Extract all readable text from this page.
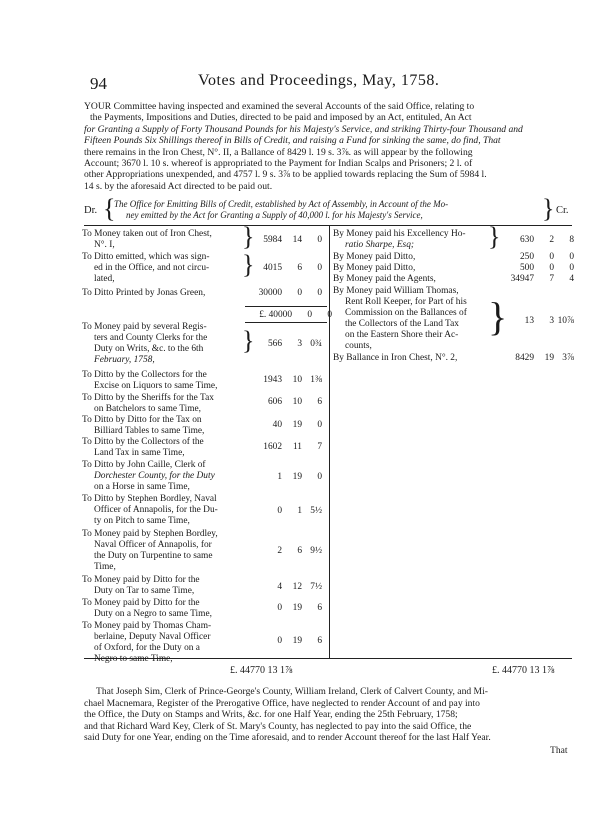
94	Votes and Proceedings, May, 1758.
YOUR Committee having inspected and examined the several Accounts of the said Office, relating to
the Payments, Impositions and Duties, directed to be paid and imposed by an Act, entituled, An Act
for Granting a Supply of Forty Thousand Pounds for his Majesty's Service, and striking Thirty-four Thousand and
Fifteen Pounds Six Shillings thereof in Bills of Credit, and raising a Fund for sinking the same, do find, That
there remains in the Iron Chest, N°. II, a Ballance of 8429 l. 19 s. 3⅞. as will appear by the following
Account; 3670 l. 10 s. whereof is appropriated to the Payment for Indian Scalps and Prisoners; 2 l. of
other Appropriations unexpended, and 4757 l. 9 s. 3⅞ to be applied towards replacing the Sum of 5984 l.
14 s. by the aforesaid Act directed to be paid out.
Dr. {
The Office for Emitting Bills of Credit, established by Act of Assembly, in Account of the Mo-
ney emitted by the Act for Granting a Supply of 40,000 l. for his Majesty's Service,	} Cr.
To Money taken out of Iron Chest,
N°. I,	} 5984 14 0
To Ditto emitted, which was sign-
ed in the Office, and not circu-
lated,	} 4015 6 0
To Ditto Printed by Jonas Green,	30000 0 0
£. 40000 0 0
To Money paid by several Regis-
ters and County Clerks for the
Duty on Writs, &c. to the 6th
February, 1758,
}	566 3 0¾
To Ditto by the Collectors for the
Excise on Liquors to same Time,
1943 10 1⅜
To Ditto by the Sheriffs for the Tax
on Batchelors to same Time,
606 10 6
To Ditto by Ditto for the Tax on
Billiard Tables to same Time,
40 19 0
To Ditto by the Collectors of the
Land Tax in same Time,
1602 11 7
To Ditto by John Caille, Clerk of
Dorchester County, for the Duty
on a Horse in same Time,
1 19 0
To Ditto by Stephen Bordley, Naval
Officer of Annapolis, for the Du-
ty on Pitch to same Time,
0 1 5½
To Money paid by Stephen Bordley,
Naval Officer of Annapolis, for
the Duty on Turpentine to same
Time,
2 6 9½
To Money paid by Ditto for the
Duty on Tar to same Time,	4 12 7½
To Money paid by Ditto for the
Duty on a Negro to same Time,
0 19 6
To Money paid by Thomas Cham-
berlaine, Deputy Naval Officer
of Oxford, for the Duty on a
Negro to same Time,
0 19 6
By Money paid his Excellency Ho-
ratio Sharpe, Esq;	}	630 2 8
By Money paid Ditto,	250 0 0
By Money paid Ditto,	500 0 0
By Money paid the Agents,	34947 7 4
By Money paid William Thomas,
Rent Roll Keeper, for Part of his
Commission on the Ballances of
the Collectors of the Land Tax
on the Eastern Shore their Ac-
counts,
}	13 3 10⅞
By Ballance in Iron Chest, N°. 2,	8429 19 3⅞
£. 44770 13 1⅞	£. 44770 13 1⅞
That Joseph Sim, Clerk of Prince-George's County, William Ireland, Clerk of Calvert County, and Mi-
chael Macnemara, Register of the Prerogative Office, have neglected to render Account of and pay into
the Office, the Duty on Stamps and Writs, &c. for one Half Year, ending the 25th February, 1758;
and that Richard Ward Key, Clerk of St. Mary's County, has neglected to pay into the said Office, the
said Duty for one Year, ending on the Time aforesaid, and to render Account thereof for the last Half Year.
That
